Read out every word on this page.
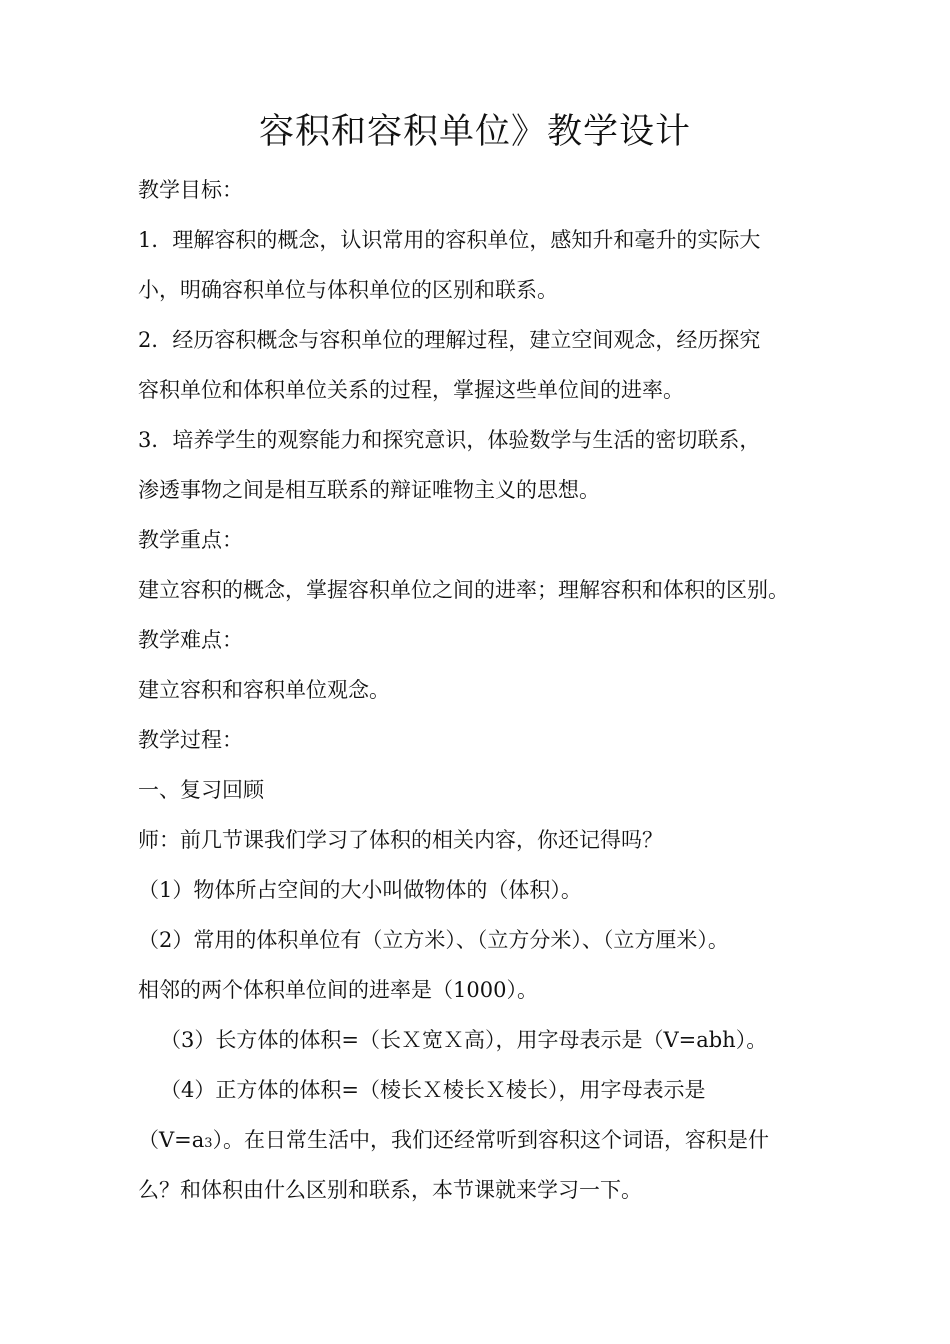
容积和容积单位》教学设计
教学目标：
1．理解容积的概念，认识常用的容积单位，感知升和毫升的实际大
小，明确容积单位与体积单位的区别和联系。
2．经历容积概念与容积单位的理解过程，建立空间观念，经历探究
容积单位和体积单位关系的过程，掌握这些单位间的进率。
3．培养学生的观察能力和探究意识，体验数学与生活的密切联系，
渗透事物之间是相互联系的辩证唯物主义的思想。
教学重点：
建立容积的概念，掌握容积单位之间的进率；理解容积和体积的区别。
教学难点：
建立容积和容积单位观念。
教学过程：
一、复习回顾
师：前几节课我们学习了体积的相关内容，你还记得吗？
（1）物体所占空间的大小叫做物体的（体积）。
（2）常用的体积单位有（立方米）、（立方分米）、（立方厘米）。
相邻的两个体积单位间的进率是（1000）。
（3）长方体的体积=（长Ｘ宽Ｘ高），用字母表示是（V=abh）。
（4）正方体的体积=（棱长Ｘ棱长Ｘ棱长），用字母表示是
（V=a3）。在日常生活中，我们还经常听到容积这个词语，容积是什
么？和体积由什么区别和联系，本节课就来学习一下。
